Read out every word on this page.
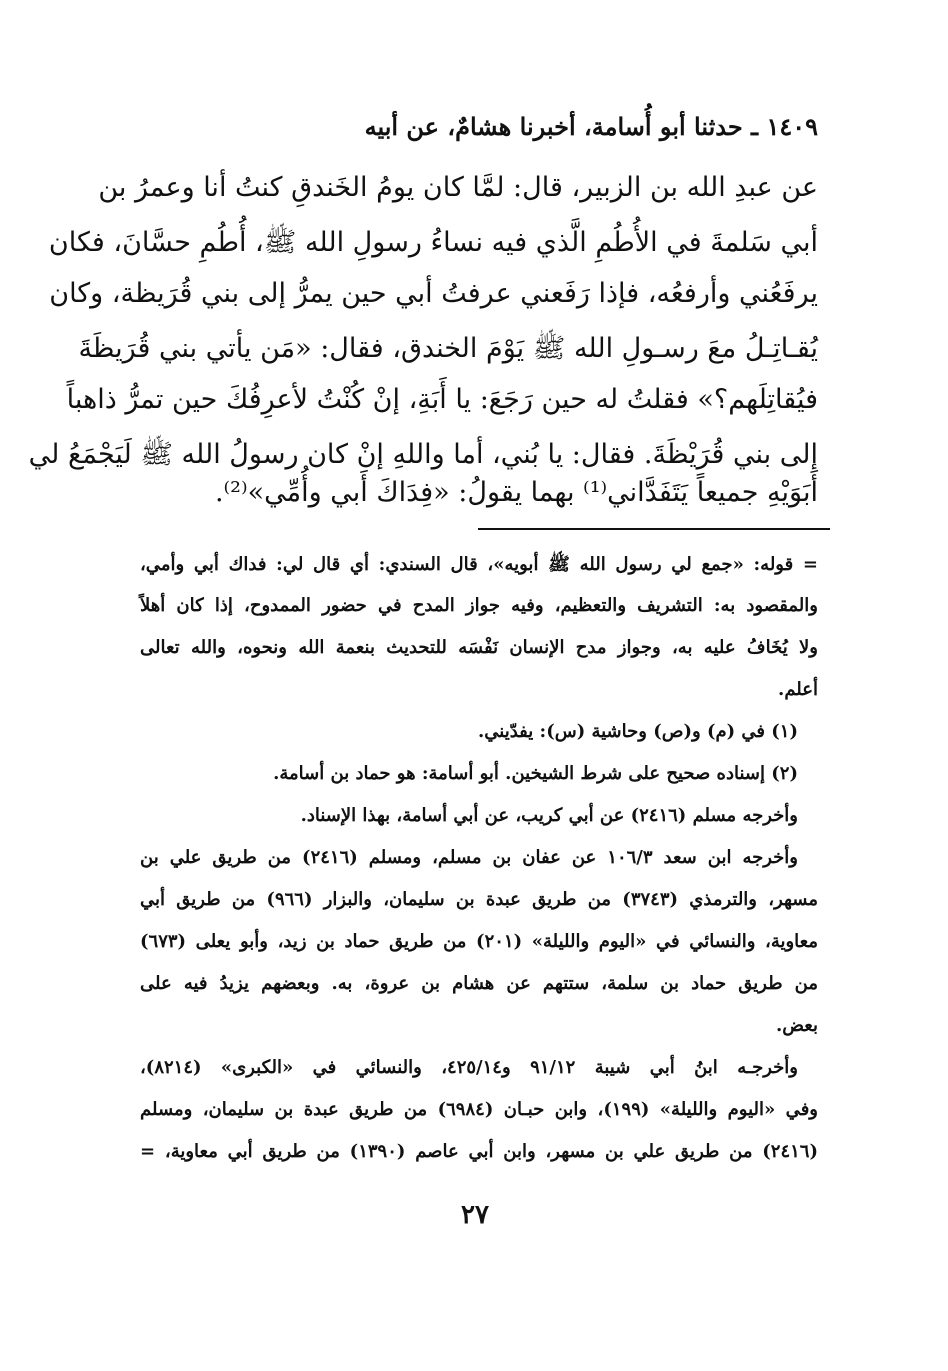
١٤٠٩ ـ حدثنا أبو أُسامة، أخبرنا هشامٌ، عن أبيه
عن عبدِ الله بن الزبير، قال: لمَّا كان يومُ الخَندقِ كنتُ أنا وعمرُ بن
أبي سَلمةَ في الأُطُمِ الَّذي فيه نساءُ رسولِ الله ﷺ، أُطُمِ حسَّانَ، فكان
يرفَعُني وأرفعُه، فإذا رَفَعني عرفتُ أبي حين يمرُّ إلى بني قُرَيظة، وكان
يُقـاتِـلُ معَ رسـولِ الله ﷺ يَوْمَ الخندق، فقال: «مَن يأتي بني قُرَيظَةَ
فيُقاتِلَهم؟» فقلتُ له حين رَجَعَ: يا أَبَةِ، إنْ كُنْتُ لأعرِفُكَ حين تمرُّ ذاهباً
إلى بني قُرَيْظَةَ. فقال: يا بُني، أما واللهِ إنْ كان رسولُ الله ﷺ لَيَجْمَعُ لي
أَبَوَيْهِ جميعاً يَتَفَدَّاني⁽¹⁾ بهما يقولُ: «فِدَاكَ أَبي وأُمِّي»⁽²⁾.
= قوله: «جمع لي رسول الله ﷺ أبويه»، قال السندي: أي قال لي: فداك أبي وأمي،
والمقصود به: التشريف والتعظيم، وفيه جواز المدح في حضور الممدوح، إذا كان أهلاً
ولا يُخَافُ عليه به، وجواز مدح الإنسان نَفْسَه للتحديث بنعمة الله ونحوه، والله تعالى
أعلم.
(١) في (م) و(ص) وحاشية (س): يفدّيني.
(٢) إسناده صحيح على شرط الشيخين. أبو أسامة: هو حماد بن أسامة.
وأخرجه مسلم (٢٤١٦) عن أبي كريب، عن أبي أسامة، بهذا الإسناد.
وأخرجه ابن سعد ١٠٦/٣ عن عفان بن مسلم، ومسلم (٢٤١٦) من طريق علي بن
مسهر، والترمذي (٣٧٤٣) من طريق عبدة بن سليمان، والبزار (٩٦٦) من طريق أبي
معاوية، والنسائي في «اليوم والليلة» (٢٠١) من طريق حماد بن زيد، وأبو يعلى (٦٧٣)
من طريق حماد بن سلمة، ستتهم عن هشام بن عروة، به. وبعضهم يزيدُ فيه على
بعض.
وأخرجـه ابنُ أبي شيبة ٩١/١٢ و٤٢٥/١٤، والنسائي في «الكبرى» (٨٢١٤)،
وفي «اليوم والليلة» (١٩٩)، وابن حبـان (٦٩٨٤) من طريق عبدة بن سليمان، ومسلم
(٢٤١٦) من طريق علي بن مسهر، وابن أبي عاصم (١٣٩٠) من طريق أبي معاوية، =
٢٧
